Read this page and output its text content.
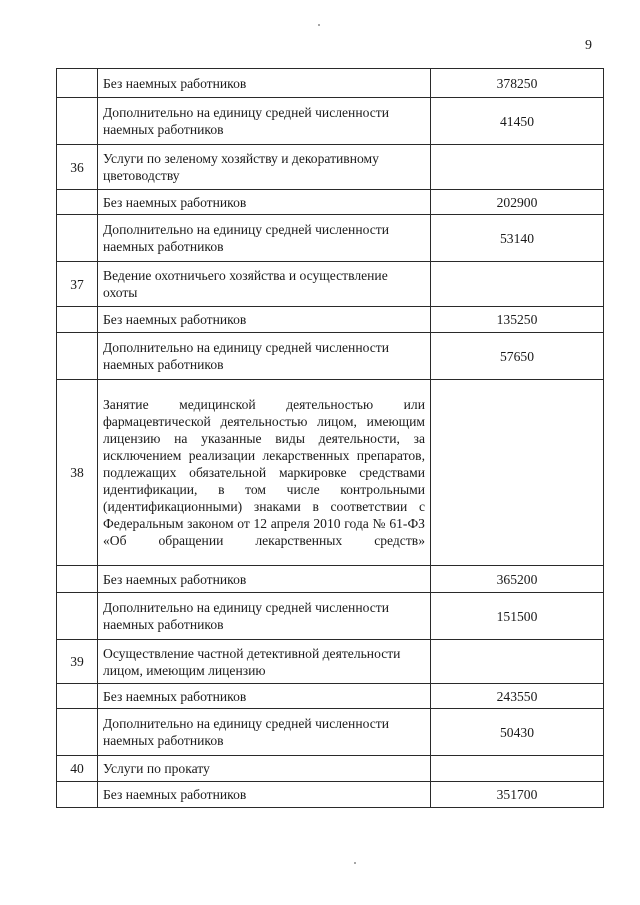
9
	Без наемных работников	378250
	Дополнительно на единицу средней численности наемных работников	41450
36	Услуги по зеленому хозяйству и декоративному цветоводству	
	Без наемных работников	202900
	Дополнительно на единицу средней численности наемных работников	53140
37	Ведение охотничьего хозяйства и осуществление охоты	
	Без наемных работников	135250
	Дополнительно на единицу средней численности наемных работников	57650
38	Занятие медицинской деятельностью или фармацевтической деятельностью лицом, имеющим лицензию на указанные виды деятельности, за исключением реализации лекарственных препаратов, подлежащих обязательной маркировке средствами идентификации, в том числе контрольными (идентификационными) знаками в соответствии с Федеральным законом от 12 апреля 2010 года № 61-ФЗ «Об обращении лекарственных средств»	
	Без наемных работников	365200
	Дополнительно на единицу средней численности наемных работников	151500
39	Осуществление частной детективной деятельности лицом, имеющим лицензию	
	Без наемных работников	243550
	Дополнительно на единицу средней численности наемных работников	50430
40	Услуги по прокату	
	Без наемных работников	351700
